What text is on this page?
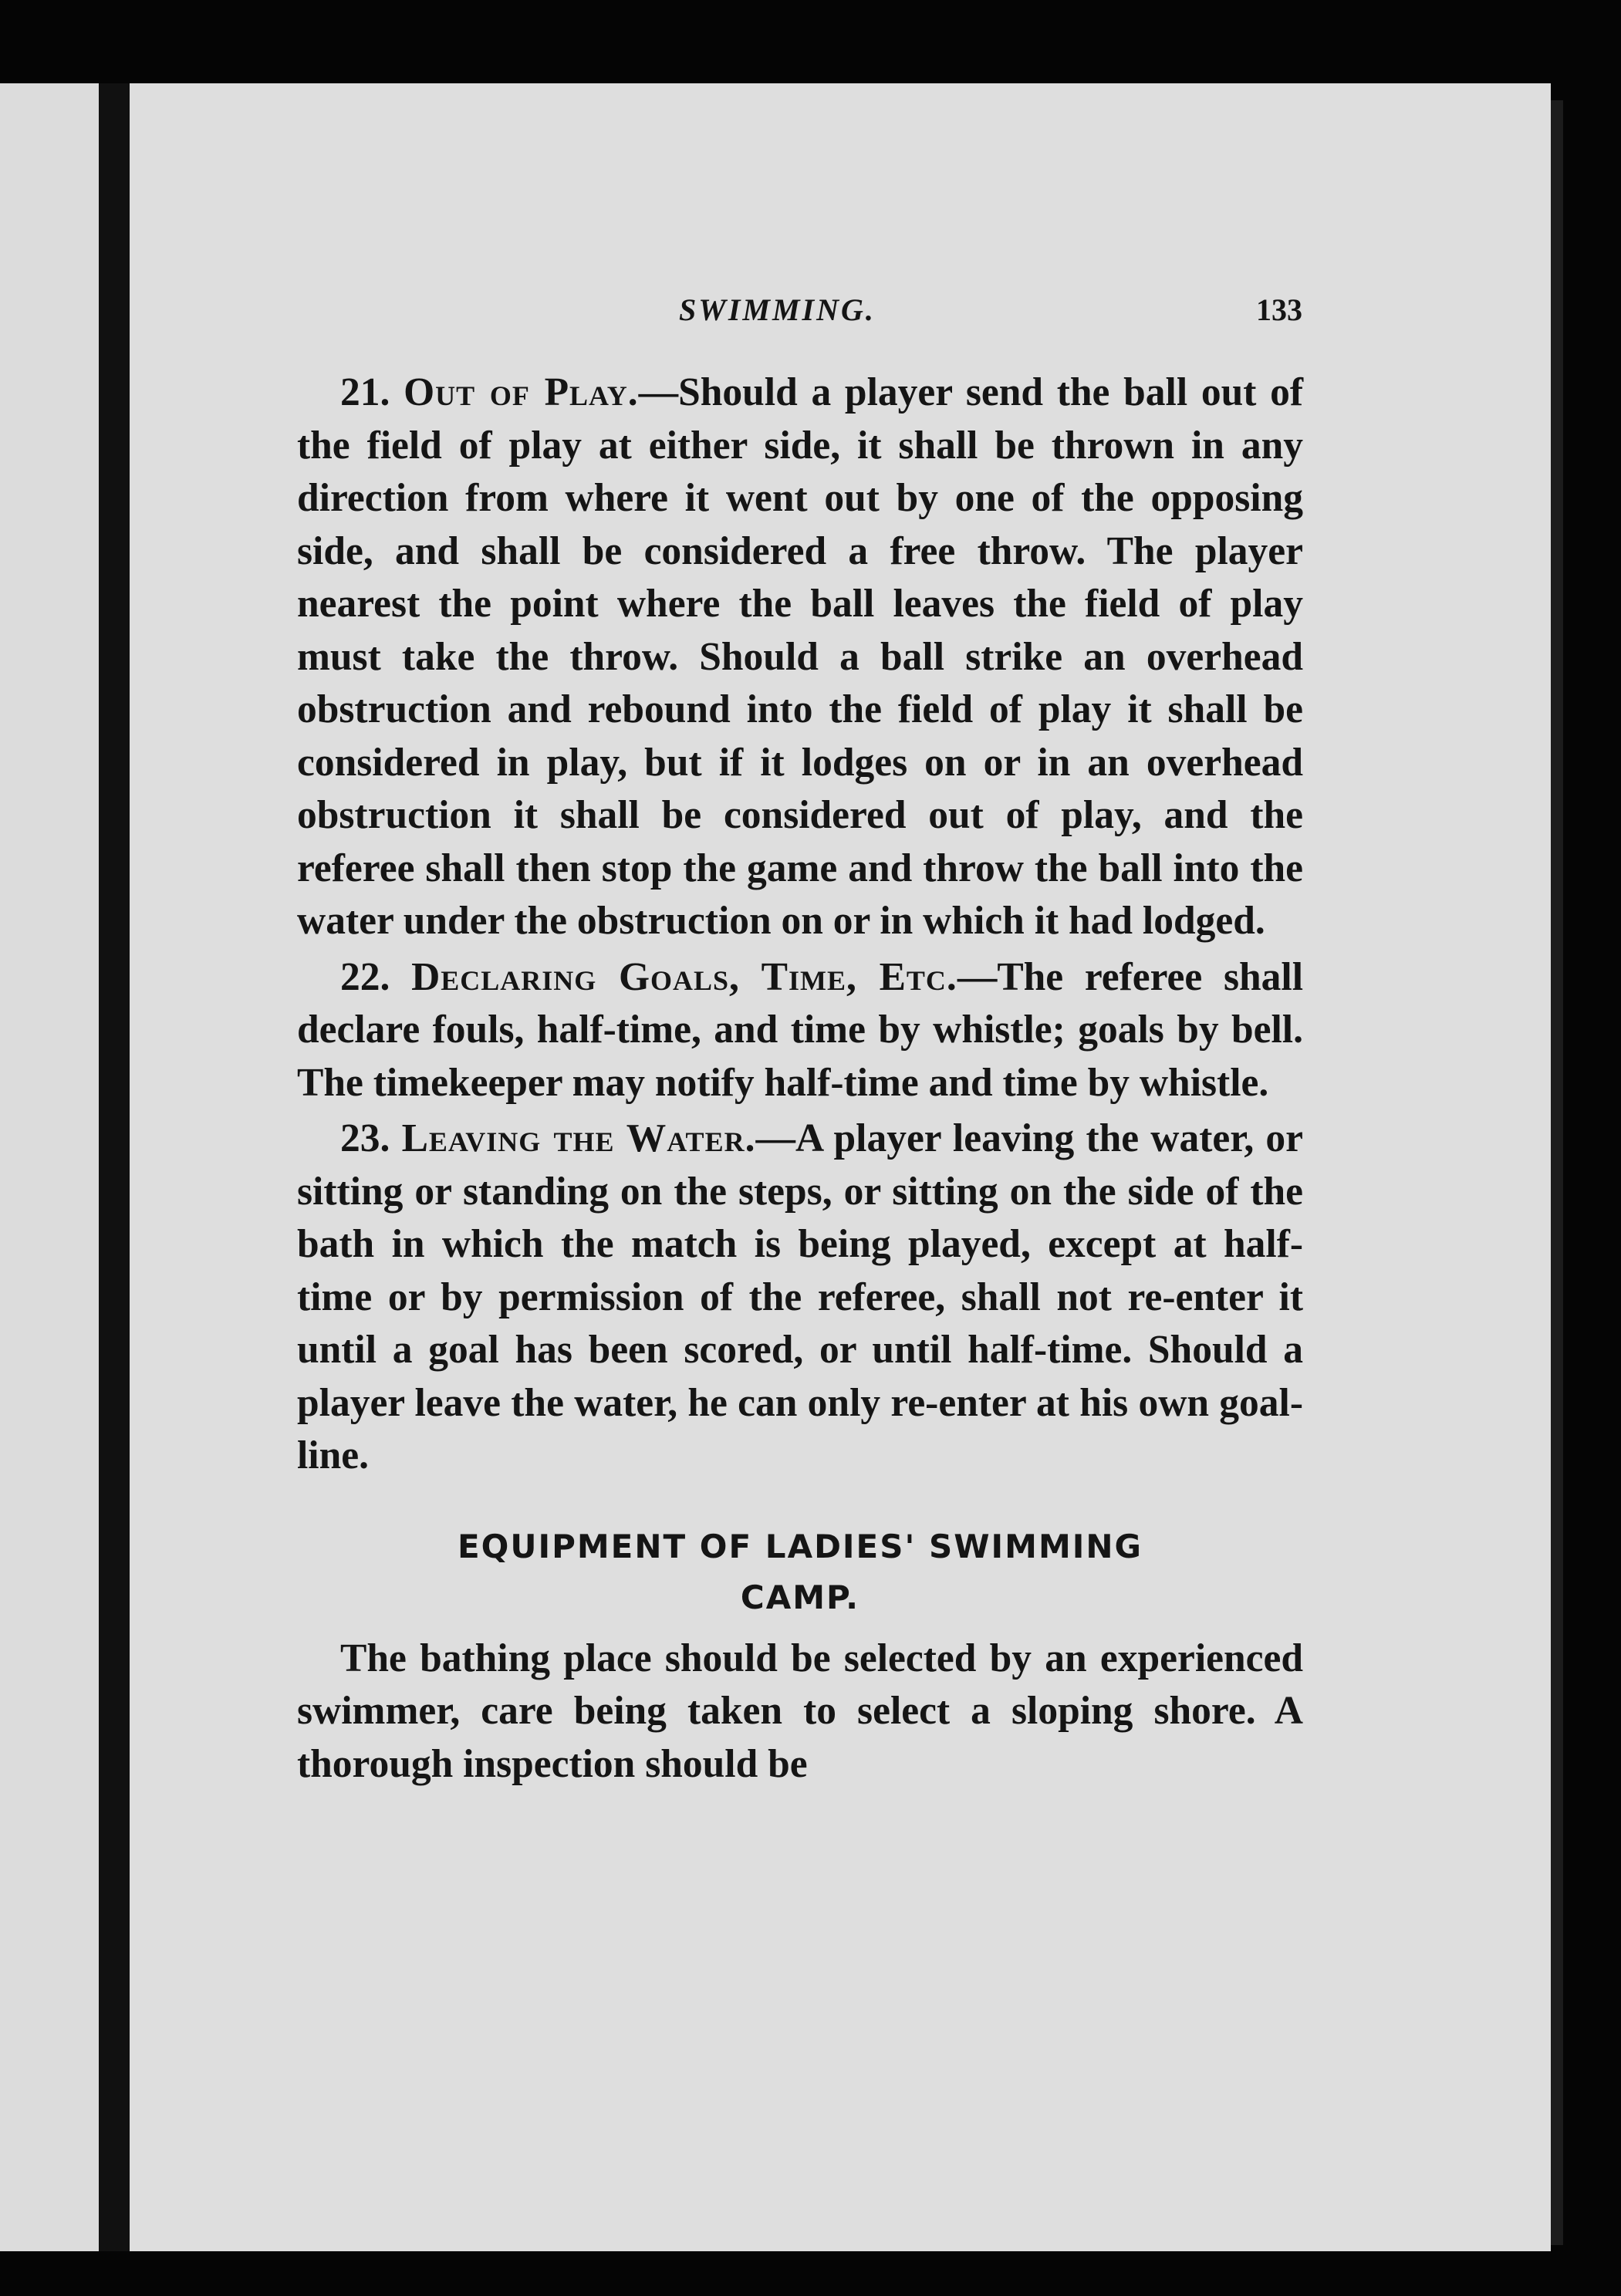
SWIMMING.	133

21. Out of Play.—Should a player send the ball out of the field of play at either side, it shall be thrown in any direction from where it went out by one of the opposing side, and shall be considered a free throw. The player nearest the point where the ball leaves the field of play must take the throw. Should a ball strike an overhead obstruction and rebound into the field of play it shall be considered in play, but if it lodges on or in an overhead obstruction it shall be considered out of play, and the referee shall then stop the game and throw the ball into the water under the obstruction on or in which it had lodged.

22. Declaring Goals, Time, Etc.—The referee shall declare fouls, half-time, and time by whistle; goals by bell. The timekeeper may notify half-time and time by whistle.

23. Leaving the Water.—A player leaving the water, or sitting or standing on the steps, or sitting on the side of the bath in which the match is being played, except at half-time or by permission of the referee, shall not re-enter it until a goal has been scored, or until half-time. Should a player leave the water, he can only re-enter at his own goal-line.

EQUIPMENT OF LADIES' SWIMMING
CAMP.

The bathing place should be selected by an experienced swimmer, care being taken to select a sloping shore. A thorough inspection should be
